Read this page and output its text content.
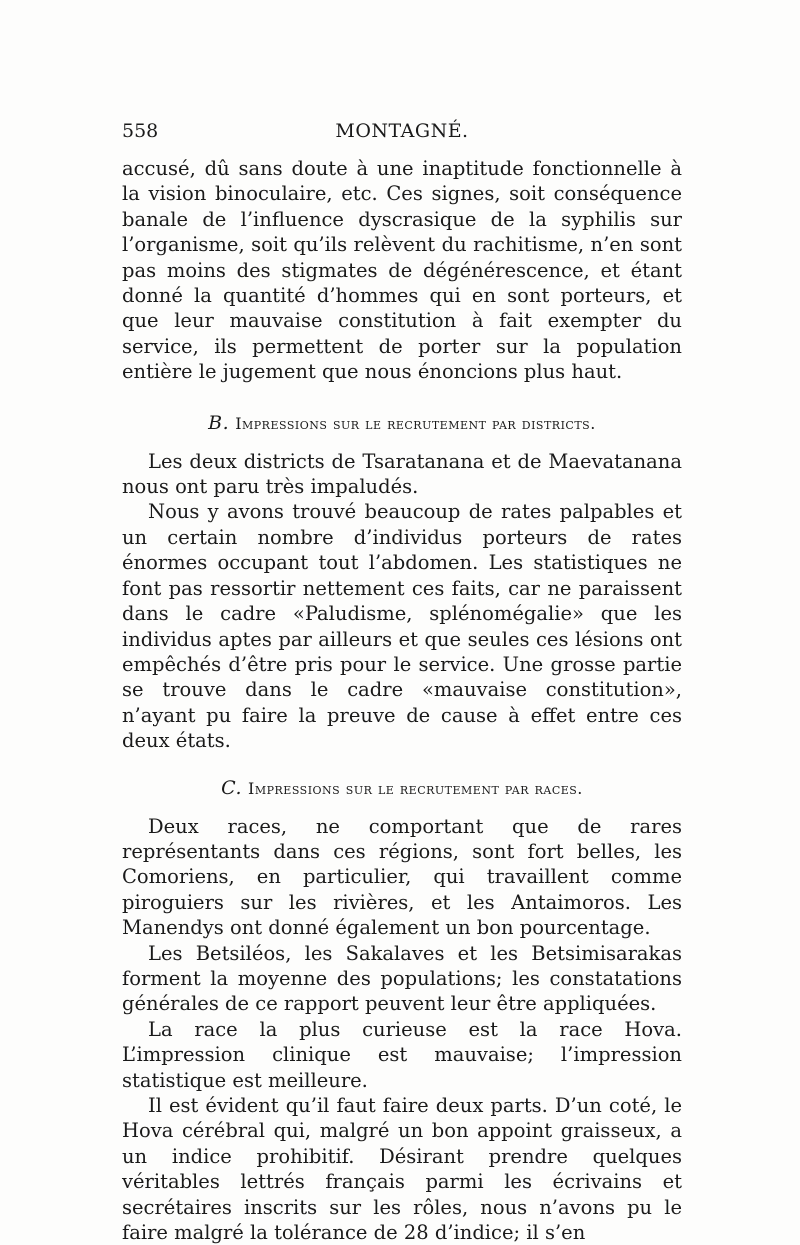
558	MONTAGNÉ.

accusé, dû sans doute à une inaptitude fonctionnelle à la vision binoculaire, etc. Ces signes, soit conséquence banale de l’influence dyscrasique de la syphilis sur l’organisme, soit qu’ils relèvent du rachitisme, n’en sont pas moins des stigmates de dégénérescence, et étant donné la quantité d’hommes qui en sont porteurs, et que leur mauvaise constitution à fait exempter du service, ils permettent de porter sur la population entière le jugement que nous énoncions plus haut.

B. Impressions sur le recrutement par districts.

Les deux districts de Tsaratanana et de Maevatanana nous ont paru très impaludés.

Nous y avons trouvé beaucoup de rates palpables et un certain nombre d’individus porteurs de rates énormes occupant tout l’abdomen. Les statistiques ne font pas ressortir nettement ces faits, car ne paraissent dans le cadre «Paludisme, splénomégalie» que les individus aptes par ailleurs et que seules ces lésions ont empêchés d’être pris pour le service. Une grosse partie se trouve dans le cadre «mauvaise constitution», n’ayant pu faire la preuve de cause à effet entre ces deux états.

C. Impressions sur le recrutement par races.

Deux races, ne comportant que de rares représentants dans ces régions, sont fort belles, les Comoriens, en particulier, qui travaillent comme piroguiers sur les rivières, et les Antaimoros. Les Manendys ont donné également un bon pourcentage.

Les Betsiléos, les Sakalaves et les Betsimisarakas forment la moyenne des populations; les constatations générales de ce rapport peuvent leur être appliquées.

La race la plus curieuse est la race Hova. L’impression clinique est mauvaise; l’impression statistique est meilleure.

Il est évident qu’il faut faire deux parts. D’un coté, le Hova cérébral qui, malgré un bon appoint graisseux, a un indice prohibitif. Désirant prendre quelques véritables lettrés français parmi les écrivains et secrétaires inscrits sur les rôles, nous n’avons pu le faire malgré la tolérance de 28 d’indice; il s’en
